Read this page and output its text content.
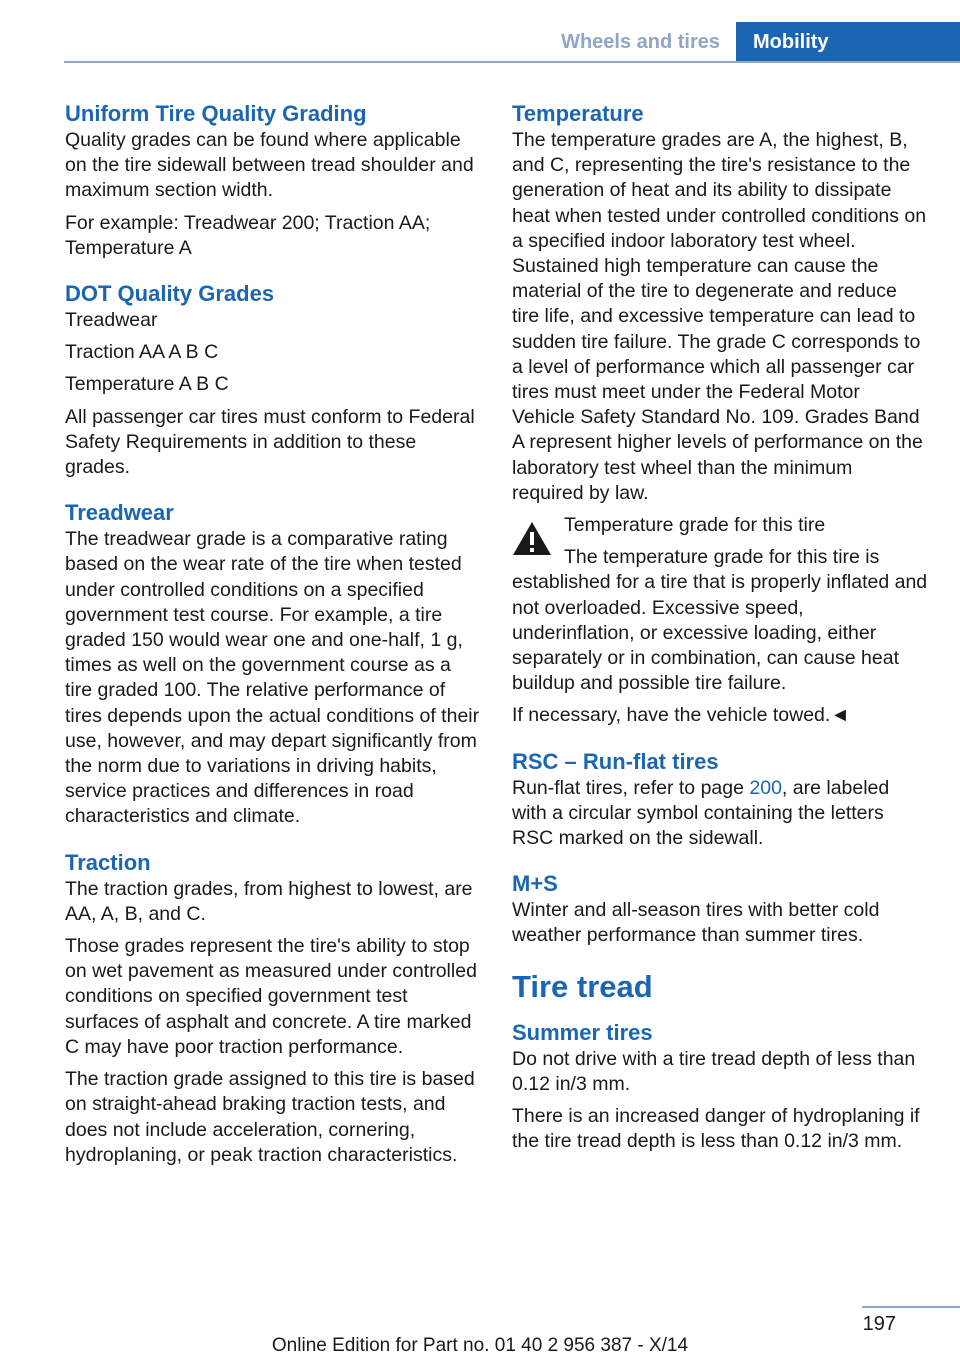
Wheels and tires	Mobility
Uniform Tire Quality Grading

Quality grades can be found where applicable on the tire sidewall between tread shoulder and maximum section width.

For example: Treadwear 200; Traction AA; Temperature A

DOT Quality Grades

Treadwear

Traction AA A B C

Temperature A B C

All passenger car tires must conform to Federal Safety Requirements in addition to these grades.

Treadwear

The treadwear grade is a comparative rating based on the wear rate of the tire when tested under controlled conditions on a specified government test course. For example, a tire graded 150 would wear one and one-half, 1 g, times as well on the government course as a tire graded 100. The relative performance of tires depends upon the actual conditions of their use, however, and may depart significantly from the norm due to variations in driving habits, service practices and differences in road characteristics and climate.

Traction

The traction grades, from highest to lowest, are AA, A, B, and C.

Those grades represent the tire's ability to stop on wet pavement as measured under controlled conditions on specified government test surfaces of asphalt and concrete. A tire marked C may have poor traction performance.

The traction grade assigned to this tire is based on straight-ahead braking traction tests, and does not include acceleration, cornering, hydroplaning, or peak traction characteristics.

Temperature

The temperature grades are A, the highest, B, and C, representing the tire's resistance to the generation of heat and its ability to dissipate heat when tested under controlled conditions on a specified indoor laboratory test wheel. Sustained high temperature can cause the material of the tire to degenerate and reduce tire life, and excessive temperature can lead to sudden tire failure. The grade C corresponds to a level of performance which all passenger car tires must meet under the Federal Motor Vehicle Safety Standard No. 109. Grades Band A represent higher levels of performance on the laboratory test wheel than the minimum required by law.

Temperature grade for this tire

The temperature grade for this tire is established for a tire that is properly inflated and not overloaded. Excessive speed, underinflation, or excessive loading, either separately or in combination, can cause heat buildup and possible tire failure.

If necessary, have the vehicle towed.◄

RSC – Run-flat tires

Run-flat tires, refer to page 200, are labeled with a circular symbol containing the letters RSC marked on the sidewall.

M+S

Winter and all-season tires with better cold weather performance than summer tires.

Tire tread
Summer tires

Do not drive with a tire tread depth of less than 0.12 in/3 mm.

There is an increased danger of hydroplaning if the tire tread depth is less than 0.12 in/3 mm.

197
Online Edition for Part no. 01 40 2 956 387 - X/14
